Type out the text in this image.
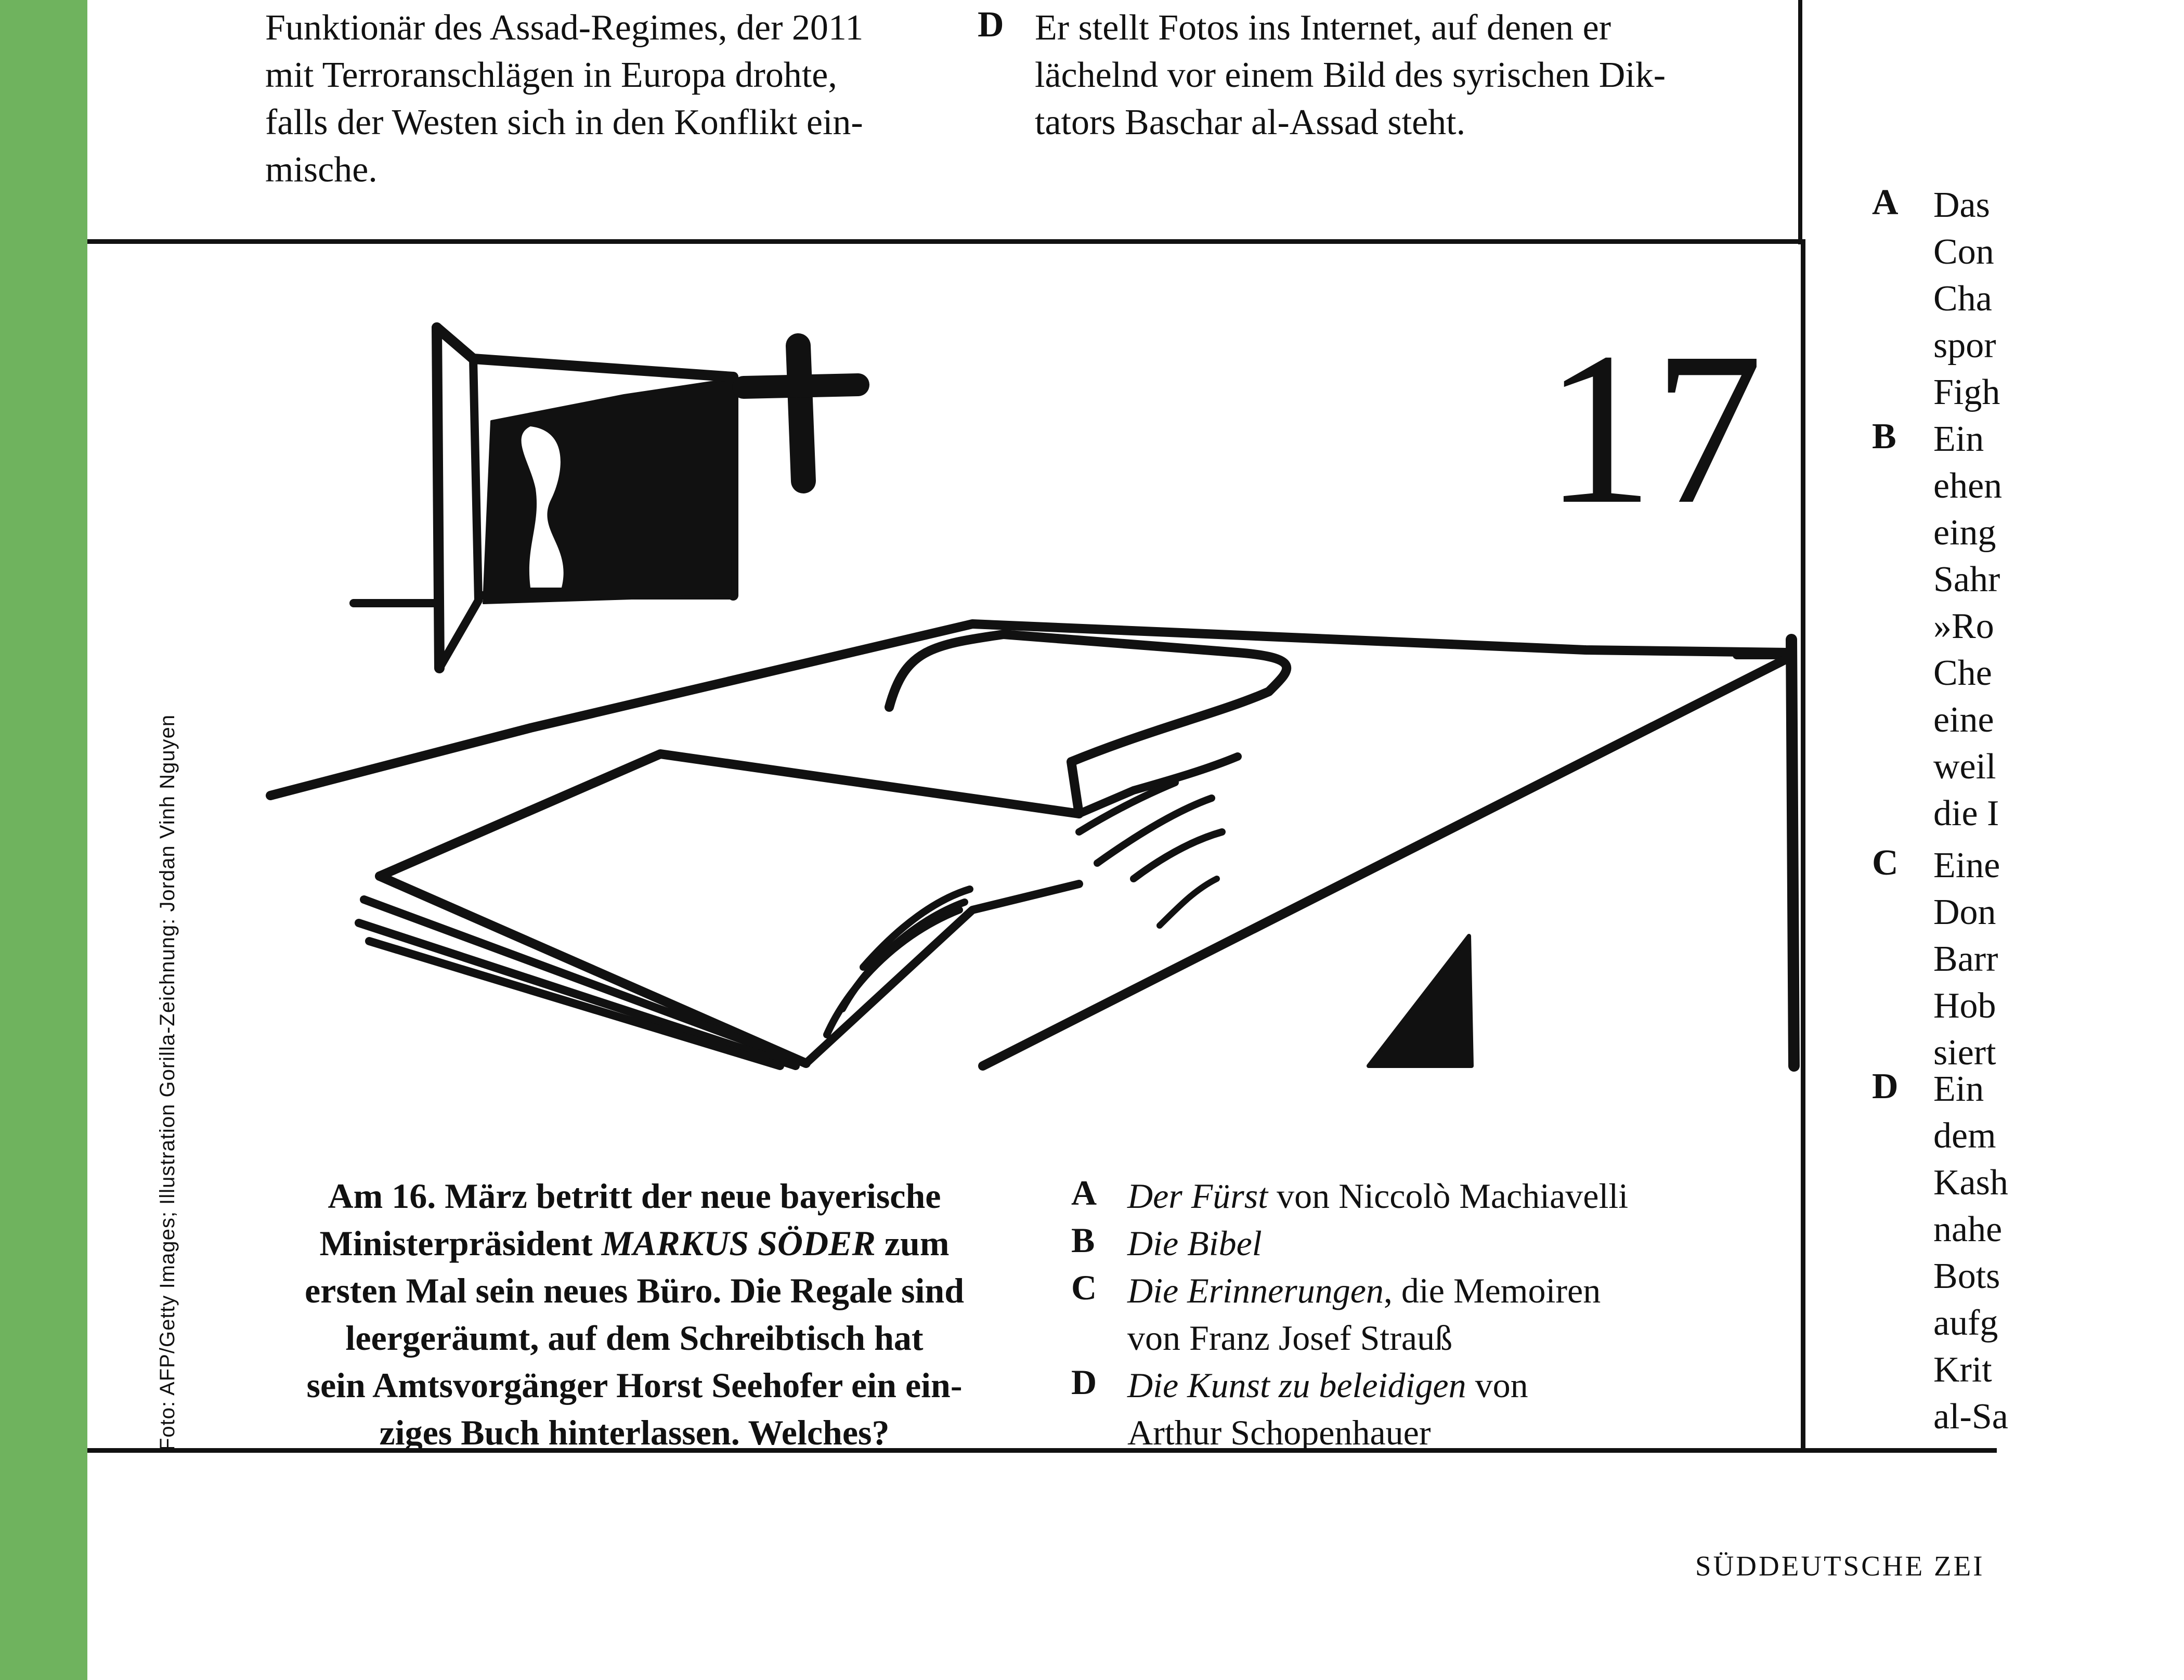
Funktionär des Assad-Regimes, der 2011
mit Terroranschlägen in Europa drohte,
falls der Westen sich in den Konflikt ein-
mische.
D Er stellt Fotos ins Internet, auf denen er
lächelnd vor einem Bild des syrischen Dik-
tators Baschar al-Assad steht.
A Das
Con
Cha
spor
Figh
B Ein
ehen
eing
Sahr
»Ro
Che
eine
weil
die I
C Eine
Don
Barr
Hob
siert
D Ein
dem
Kash
nahe
Bots
aufg
Krit
al-Sa
17
Foto: AFP/Getty Images; Illustration Gorilla-Zeichnung: Jordan Vinh Nguyen	Am 16. März betritt der neue bayerische
Ministerpräsident MARKUS SÖDER zum
ersten Mal sein neues Büro. Die Regale sind
leergeräumt, auf dem Schreibtisch hat
sein Amtsvorgänger Horst Seehofer ein ein-
ziges Buch hinterlassen. Welches?
A Der Fürst von Niccolò Machiavelli
B Die Bibel
C Die Erinnerungen, die Memoiren
von Franz Josef Strauß
D Die Kunst zu beleidigen von
Arthur Schopenhauer
SÜDDEUTSCHE ZEI
